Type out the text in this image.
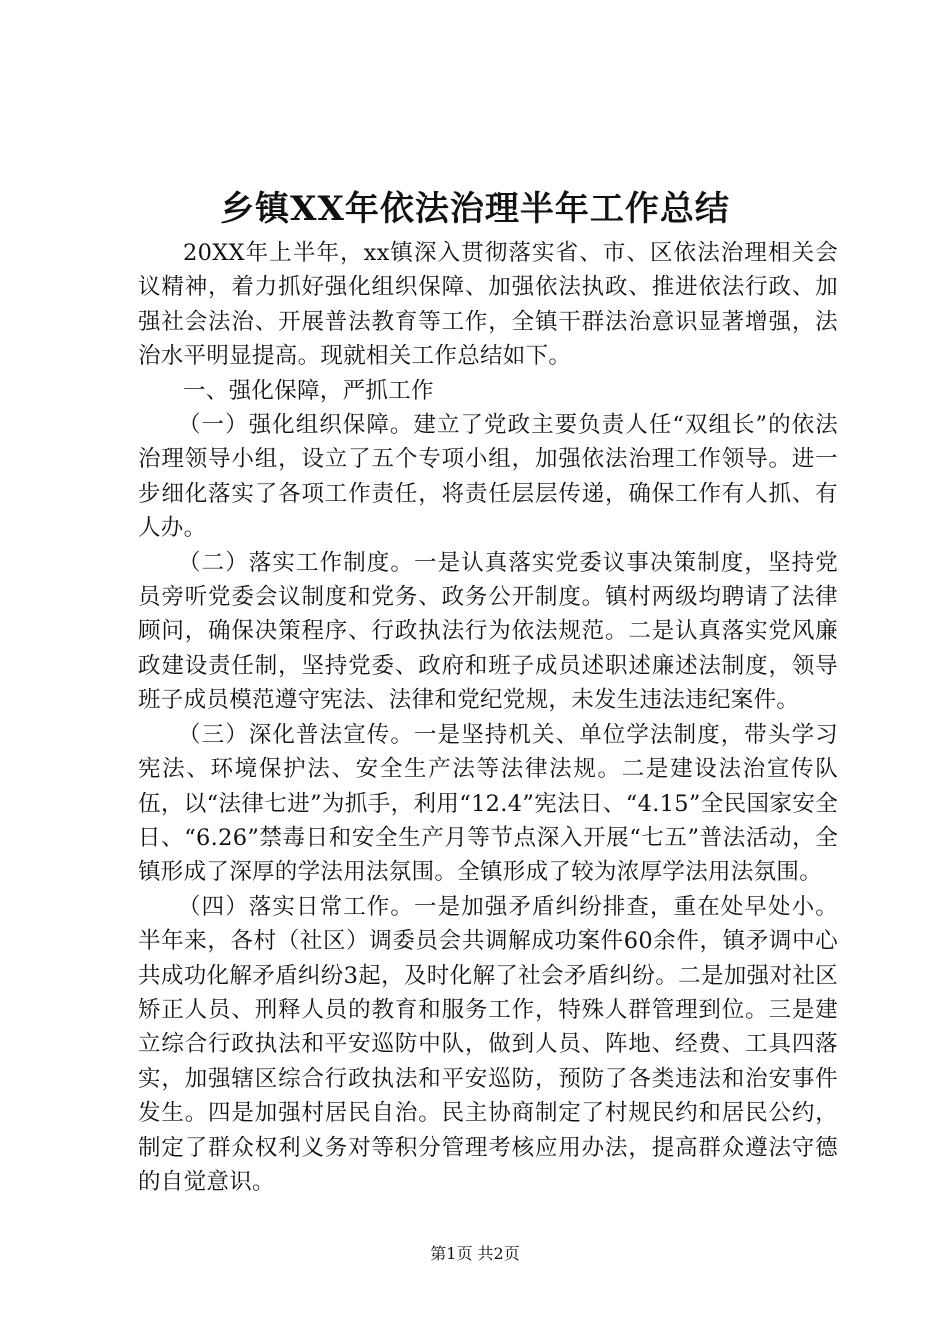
乡镇XX年依法治理半年工作总结

20XX年上半年，xx镇深入贯彻落实省、市、区依法治理相关会议精神，着力抓好强化组织保障、加强依法执政、推进依法行政、加强社会法治、开展普法教育等工作，全镇干群法治意识显著增强，法治水平明显提高。现就相关工作总结如下。

一、强化保障，严抓工作

（一）强化组织保障。建立了党政主要负责人任“双组长”的依法治理领导小组，设立了五个专项小组，加强依法治理工作领导。进一步细化落实了各项工作责任，将责任层层传递，确保工作有人抓、有人办。

（二）落实工作制度。一是认真落实党委议事决策制度，坚持党员旁听党委会议制度和党务、政务公开制度。镇村两级均聘请了法律顾问，确保决策程序、行政执法行为依法规范。二是认真落实党风廉政建设责任制，坚持党委、政府和班子成员述职述廉述法制度，领导班子成员模范遵守宪法、法律和党纪党规，未发生违法违纪案件。

（三）深化普法宣传。一是坚持机关、单位学法制度，带头学习宪法、环境保护法、安全生产法等法律法规。二是建设法治宣传队伍，以“法律七进”为抓手，利用“12.4”宪法日、“4.15”全民国家安全日、“6.26”禁毒日和安全生产月等节点深入开展“七五”普法活动，全镇形成了深厚的学法用法氛围。全镇形成了较为浓厚学法用法氛围。

（四）落实日常工作。一是加强矛盾纠纷排查，重在处早处小。半年来，各村（社区）调委员会共调解成功案件60余件，镇矛调中心共成功化解矛盾纠纷3起，及时化解了社会矛盾纠纷。二是加强对社区矫正人员、刑释人员的教育和服务工作，特殊人群管理到位。三是建立综合行政执法和平安巡防中队，做到人员、阵地、经费、工具四落实，加强辖区综合行政执法和平安巡防，预防了各类违法和治安事件发生。四是加强村居民自治。民主协商制定了村规民约和居民公约，制定了群众权利义务对等积分管理考核应用办法，提高群众遵法守德的自觉意识。

第1页 共2页
